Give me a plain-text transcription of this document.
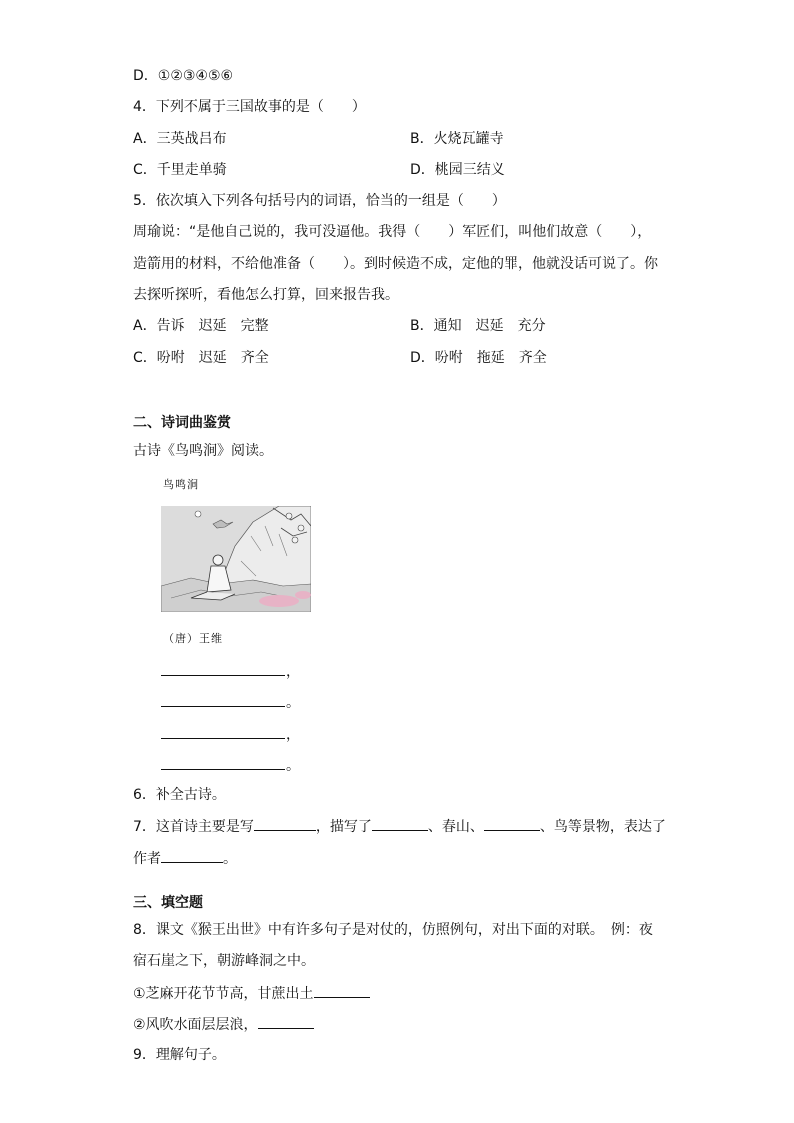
D．①②③④⑤⑥
4．下列不属于三国故事的是（　　）
A．三英战吕布	B．火烧瓦罐寺
C．千里走单骑	D．桃园三结义
5．依次填入下列各句括号内的词语，恰当的一组是（　　）
周瑜说：“是他自己说的，我可没逼他。我得（　　）军匠们，叫他们故意（　　），
造箭用的材料，不给他准备（　　）。到时候造不成，定他的罪，他就没话可说了。你
去探听探听，看他怎么打算，回来报告我。
A．告诉　迟延　完整	B．通知　迟延　充分
C．吩咐　迟延　齐全	D．吩咐　拖延　齐全
二、诗词曲鉴赏
古诗《鸟鸣涧》阅读。
鸟鸣涧
（唐）王维
，
。
，
。
6．补全古诗。
7．这首诗主要是写	，描写了	、春山、	、鸟等景物，表达了
作者	。
三、填空题
8．课文《猴王出世》中有许多句子是对仗的，仿照例句，对出下面的对联。　例：夜
宿石崖之下，朝游峰洞之中。
①芝麻开花节节高，甘蔗出土
②风吹水面层层浪，
9．理解句子。
